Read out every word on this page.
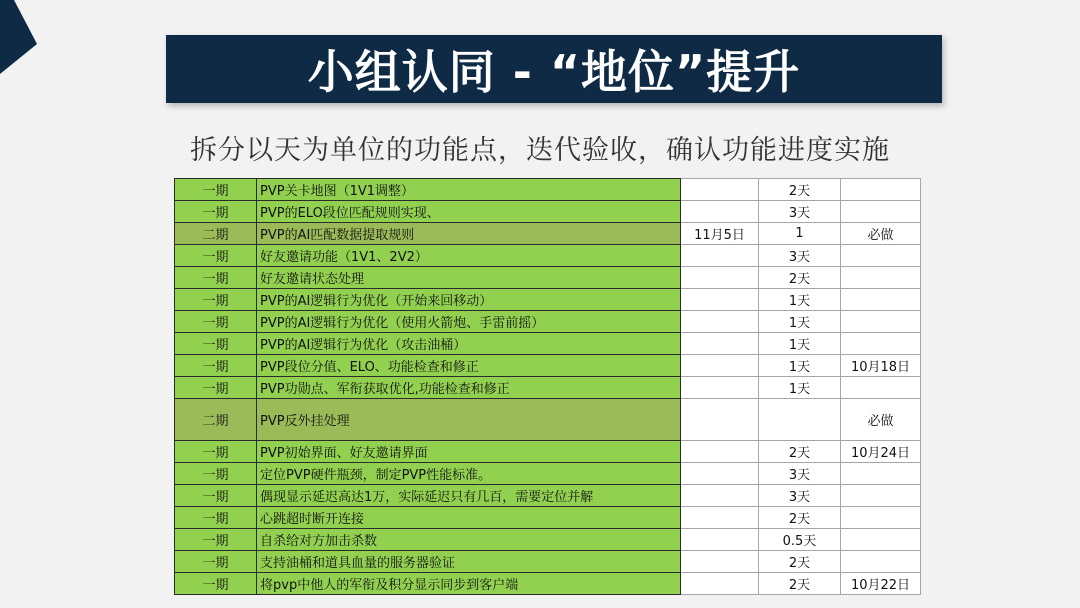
小组认同 - “地位”提升
拆分以天为单位的功能点，迭代验收，确认功能进度实施
一期	PVP关卡地图（1V1调整）		2天	
一期	PVP的ELO段位匹配规则实现、		3天	
二期	PVP的AI匹配数据提取规则	11月5日	1	必做
一期	好友邀请功能（1V1、2V2）		3天	
一期	好友邀请状态处理		2天	
一期	PVP的AI逻辑行为优化（开始来回移动）		1天	
一期	PVP的AI逻辑行为优化（使用火箭炮、手雷前摇）		1天	
一期	PVP的AI逻辑行为优化（攻击油桶）		1天	
一期	PVP段位分值、ELO、功能检查和修正		1天	10月18日
一期	PVP功勋点、军衔获取优化,功能检查和修正		1天	
二期	PVP反外挂处理			必做
一期	PVP初始界面、好友邀请界面		2天	10月24日
一期	定位PVP硬件瓶颈，制定PVP性能标准。		3天	
一期	偶现显示延迟高达1万，实际延迟只有几百，需要定位并解		3天	
一期	心跳超时断开连接		2天	
一期	自杀给对方加击杀数		0.5天	
一期	支持油桶和道具血量的服务器验证		2天	
一期	将pvp中他人的军衔及积分显示同步到客户端		2天	10月22日
